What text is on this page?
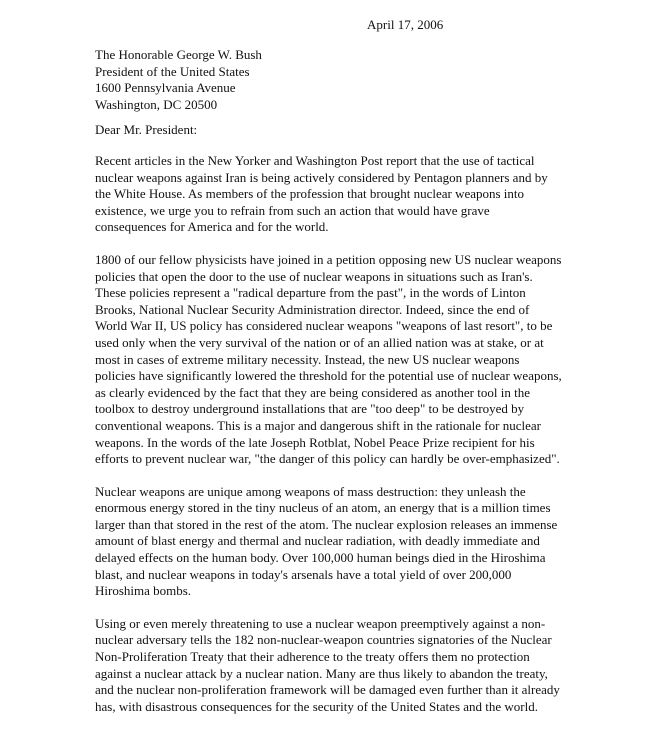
April 17, 2006
The Honorable George W. Bush
President of the United States
1600 Pennsylvania Avenue
Washington, DC 20500
Dear Mr. President:
Recent articles in the New Yorker and Washington Post report that the use of tactical
nuclear weapons against Iran is being actively considered by Pentagon planners and by
the White House. As members of the profession that brought nuclear weapons into
existence, we urge you to refrain from such an action that would have grave
consequences for America and for the world.
1800 of our fellow physicists have joined in a petition opposing new US nuclear weapons
policies that open the door to the use of nuclear weapons in situations such as Iran's.
These policies represent a "radical departure from the past", in the words of Linton
Brooks, National Nuclear Security Administration director. Indeed, since the end of
World War II, US policy has considered nuclear weapons "weapons of last resort", to be
used only when the very survival of the nation or of an allied nation was at stake, or at
most in cases of extreme military necessity. Instead, the new US nuclear weapons
policies have significantly lowered the threshold for the potential use of nuclear weapons,
as clearly evidenced by the fact that they are being considered as another tool in the
toolbox to destroy underground installations that are "too deep" to be destroyed by
conventional weapons. This is a major and dangerous shift in the rationale for nuclear
weapons. In the words of the late Joseph Rotblat, Nobel Peace Prize recipient for his
efforts to prevent nuclear war, "the danger of this policy can hardly be over-emphasized".
Nuclear weapons are unique among weapons of mass destruction: they unleash the
enormous energy stored in the tiny nucleus of an atom, an energy that is a million times
larger than that stored in the rest of the atom. The nuclear explosion releases an immense
amount of blast energy and thermal and nuclear radiation, with deadly immediate and
delayed effects on the human body. Over 100,000 human beings died in the Hiroshima
blast, and nuclear weapons in today's arsenals have a total yield of over 200,000
Hiroshima bombs.
Using or even merely threatening to use a nuclear weapon preemptively against a non-
nuclear adversary tells the 182 non-nuclear-weapon countries signatories of the Nuclear
Non-Proliferation Treaty that their adherence to the treaty offers them no protection
against a nuclear attack by a nuclear nation. Many are thus likely to abandon the treaty,
and the nuclear non-proliferation framework will be damaged even further than it already
has, with disastrous consequences for the security of the United States and the world.
